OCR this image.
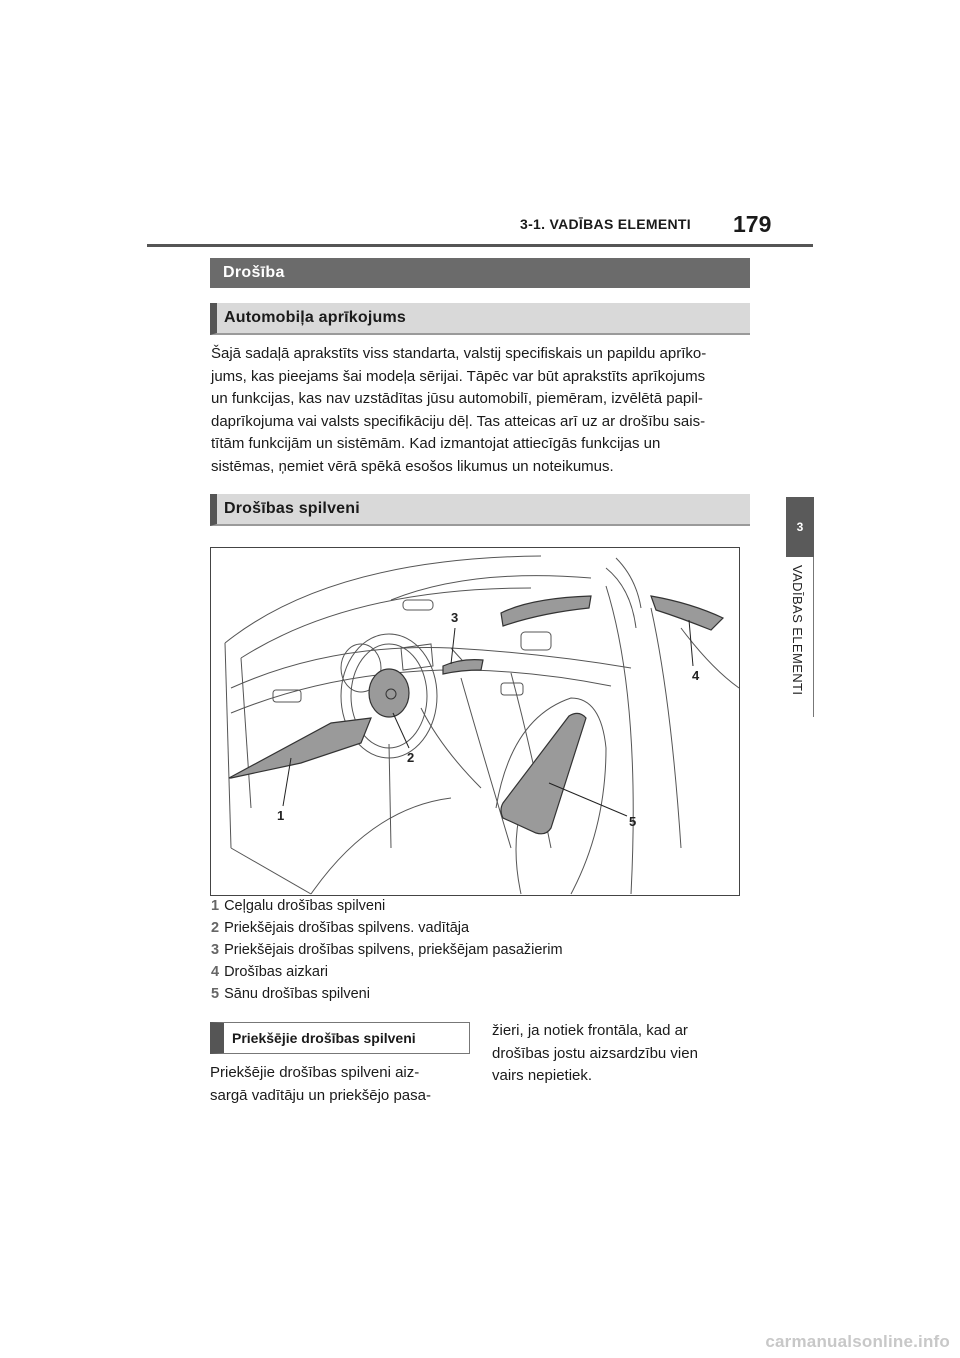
3-1. VADĪBAS ELEMENTI 179
3
VADĪBAS ELEMENTI
Drošība
Automobiļa aprīkojums
Šajā sadaļā aprakstīts viss standarta, valstij specifiskais un papildu aprīko-
jums, kas pieejams šai modeļa sērijai. Tāpēc var būt aprakstīts aprīkojums
un funkcijas, kas nav uzstādītas jūsu automobilī, piemēram, izvēlētā papil-
daprīkojuma vai valsts specifikāciju dēļ. Tas atteicas arī uz ar drošību sais-
tītām funkcijām un sistēmām. Kad izmantojat attiecīgās funkcijas un
sistēmas, ņemiet vērā spēkā esošos likumus un noteikumus.
Drošības spilveni
1
2
3
4
5
1 Ceļgalu drošības spilveni
2 Priekšējais drošības spilvens. vadītāja
3 Priekšējais drošības spilvens, priekšējam pasažierim
4 Drošības aizkari
5 Sānu drošības spilveni
Priekšējie drošības spilveni
Priekšējie drošības spilveni aiz-
sargā vadītāju un priekšējo pasa-
žieri, ja notiek frontāla, kad ar
drošības jostu aizsardzību vien
vairs nepietiek.
carmanualsonline.info
